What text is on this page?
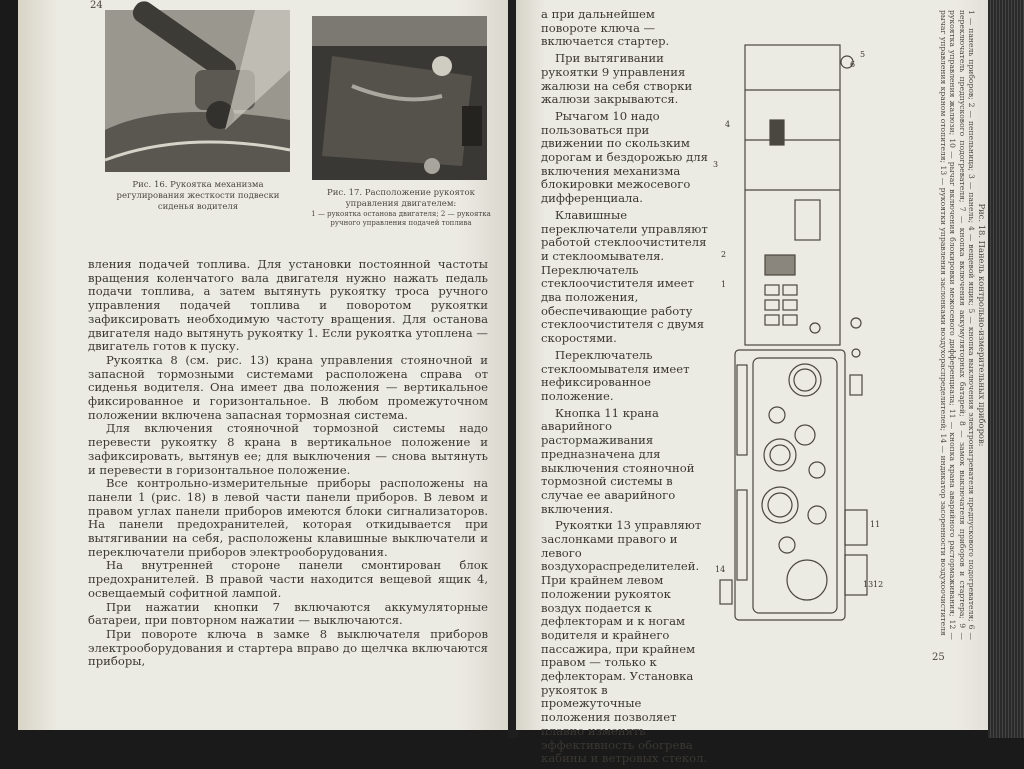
Рис. 16. Рукоятка механизма регулирования жесткости подвески сиденья водителя
Рис. 17. Расположение рукояток управления двигателем:
1 — рукоятка останова двигателя; 2 — рукоятка ручного управления подачей топлива

вления подачей топлива. Для установки постоянной частоты вращения коленчатого вала двигателя нужно нажать педаль подачи топлива, а затем вытянуть рукоятку троса ручного управления подачей топлива и поворотом рукоятки зафиксировать необходимую частоту вращения. Для останова двигателя надо вытянуть рукоятку 1. Если рукоятка утоплена — двигатель готов к пуску.

Рукоятка 8 (см. рис. 13) крана управления стояночной и запасной тормозными системами расположена справа от сиденья водителя. Она имеет два положения — вертикальное фиксированное и горизонтальное. В любом промежуточном положении включена запасная тормозная система.

Для включения стояночной тормозной системы надо перевести рукоятку 8 крана в вертикальное положение и зафиксировать, вытянув ее; для выключения — снова вытянуть и перевести в горизонтальное положение.

Все контрольно-измерительные приборы расположены на панели 1 (рис. 18) в левой части панели приборов. В левом и правом углах панели приборов имеются блоки сигнализаторов. На панели предохранителей, которая откидывается при вытягивании на себя, расположены клавишные выключатели и переключатели приборов электрооборудования.

На внутренней стороне панели смонтирован блок предохранителей. В правой части находится вещевой ящик 4, освещаемый софитной лампой.

При нажатии кнопки 7 включаются аккумуляторные батареи, при повторном нажатии — выключаются.

При повороте ключа в замке 8 выключателя приборов электрооборудования и стартера вправо до щелчка включаются приборы,

24

а при дальнейшем повороте ключа — включается стартер.

При вытягивании рукоятки 9 управления жалюзи на себя створки жалюзи закрываются.

Рычагом 10 надо пользоваться при движении по скользким дорогам и бездорожью для включения механизма блокировки межосевого дифференциала.

Клавишные переключатели управляют работой стеклоочистителя и стеклоомывателя. Переключатель стеклоочистителя имеет два положения, обеспечивающие работу стеклоочистителя с двумя скоростями.

Переключатель стеклоомывателя имеет нефиксированное положение.

Кнопка 11 крана аварийного растормаживания предназначена для выключения стояночной тормозной системы в случае ее аварийного включения.

Рукоятки 13 управляют заслонками правого и левого воздухораспределителей. При крайнем левом положении рукояток воздух подается к дефлекторам и к ногам водителя и крайнего пассажира, при крайнем правом — только к дефлекторам. Установка рукояток в промежуточные положения позволяет плавно изменять эффективность обогрева кабины и ветровых стекол.

3
2
1
4
5
6
11
13 12
14
Рис. 18. Панель контрольно-измерительных приборов:
1 — панель приборов; 2 — пепельница; 3 — панель; 4 — вещевой ящик; 5 — кнопка выключения электронагревателя предпускового подогревателя; 6 — переключатель предпускового подогревателя; 7 — кнопка включения аккумуляторных батарей; 8 — замок выключателя приборов и стартера; 9 — рукоятка управления жалюзи; 10 — рычаг включения блокировки межосевого дифференциала; 11 — кнопка крана аварийного растормаживания; 12 — рычаг управления краном отопителя; 13 — рукоятки управления заслонками воздухораспределителей; 14 — индикатор засоренности воздухоочистителя
25
